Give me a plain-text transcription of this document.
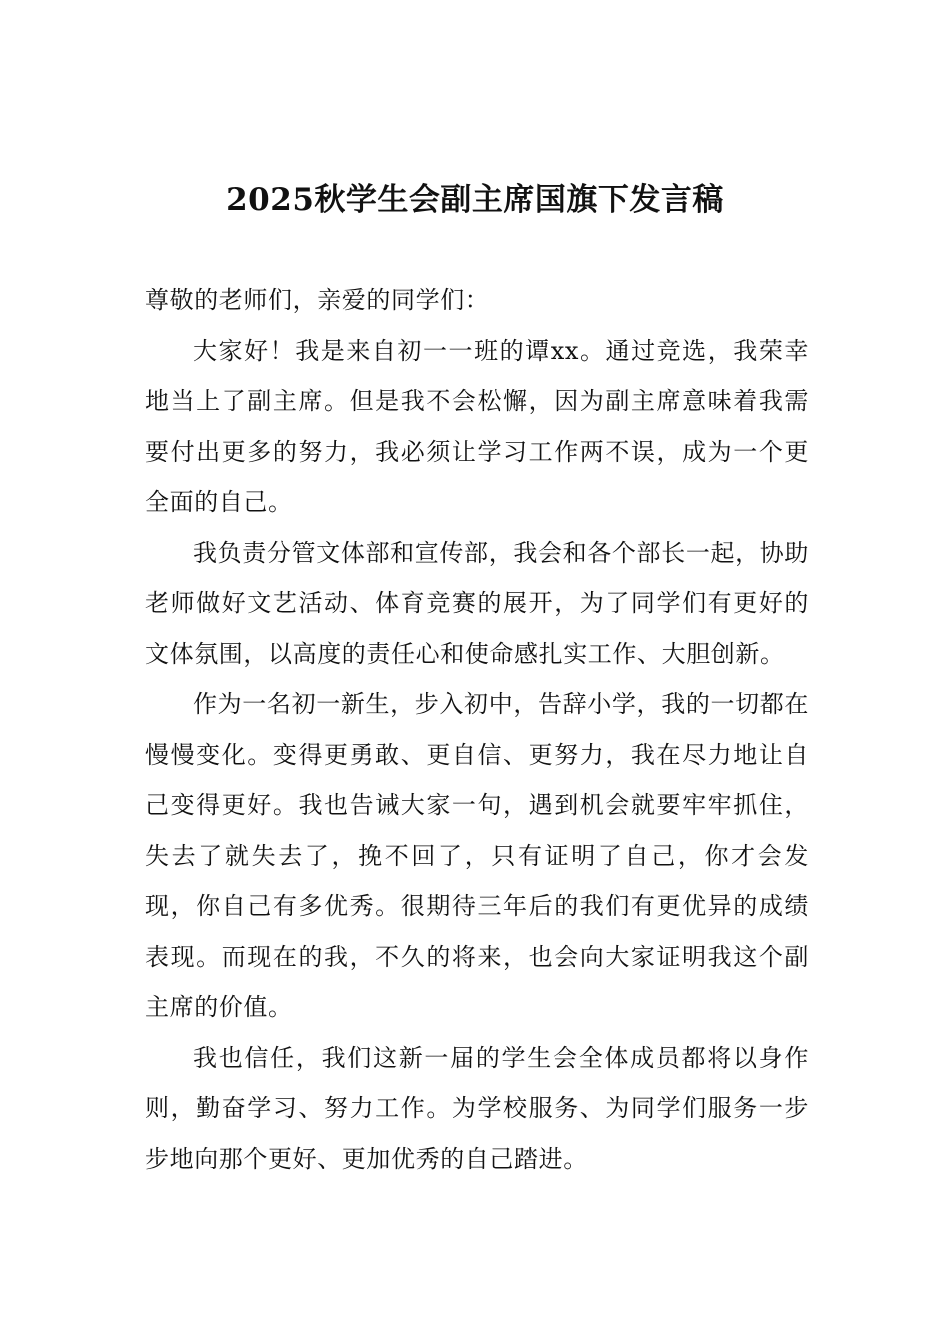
2025秋学生会副主席国旗下发言稿

尊敬的老师们，亲爱的同学们：

大家好！我是来自初一一班的谭xx。通过竞选，我荣幸地当上了副主席。但是我不会松懈，因为副主席意味着我需要付出更多的努力，我必须让学习工作两不误，成为一个更全面的自己。

我负责分管文体部和宣传部，我会和各个部长一起，协助老师做好文艺活动、体育竞赛的展开，为了同学们有更好的文体氛围，以高度的责任心和使命感扎实工作、大胆创新。

作为一名初一新生，步入初中，告辞小学，我的一切都在慢慢变化。变得更勇敢、更自信、更努力，我在尽力地让自己变得更好。我也告诫大家一句，遇到机会就要牢牢抓住，失去了就失去了，挽不回了，只有证明了自己，你才会发现，你自己有多优秀。很期待三年后的我们有更优异的成绩表现。而现在的我，不久的将来，也会向大家证明我这个副主席的价值。

我也信任，我们这新一届的学生会全体成员都将以身作则，勤奋学习、努力工作。为学校服务、为同学们服务一步步地向那个更好、更加优秀的自己踏进。
